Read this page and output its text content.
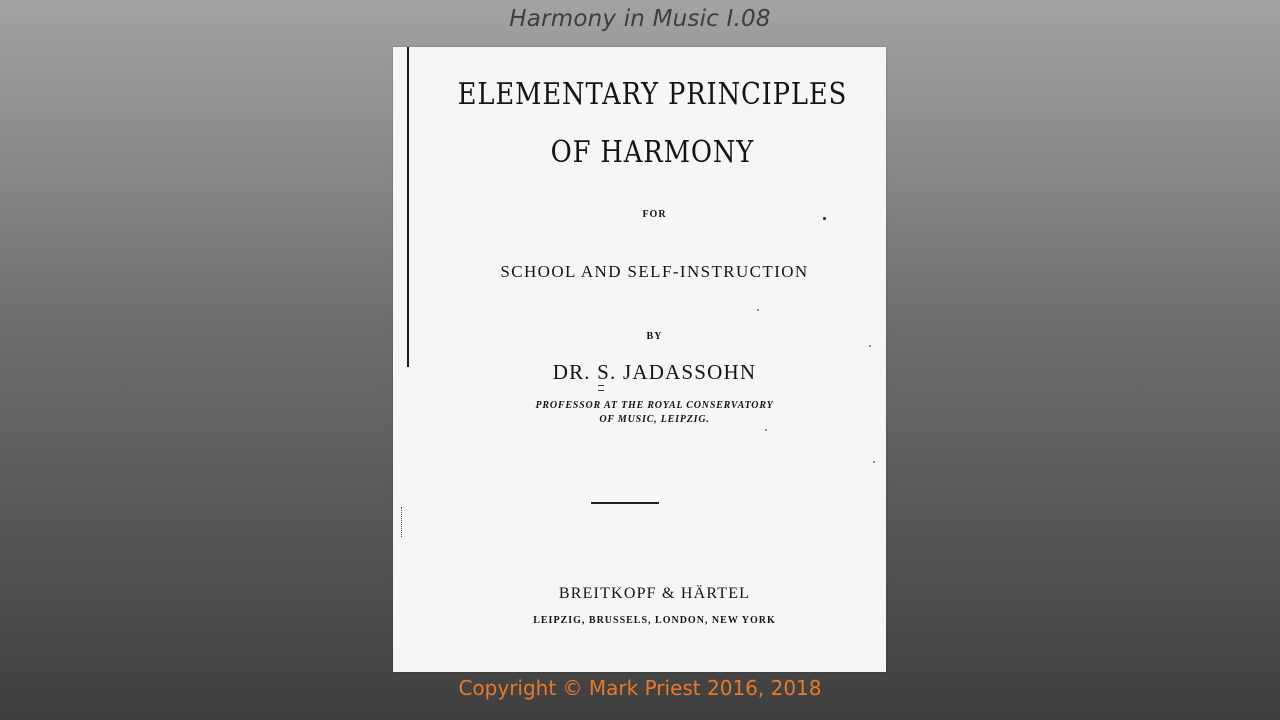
Harmony in Music I.08
ELEMENTARY PRINCIPLES
OF HARMONY
FOR
SCHOOL AND SELF-INSTRUCTION
BY
DR. S. JADASSOHN
PROFESSOR AT THE ROYAL CONSERVATORY
OF MUSIC, LEIPZIG.
BREITKOPF & HÄRTEL
LEIPZIG, BRUSSELS, LONDON, NEW YORK
Copyright © Mark Priest 2016, 2018
